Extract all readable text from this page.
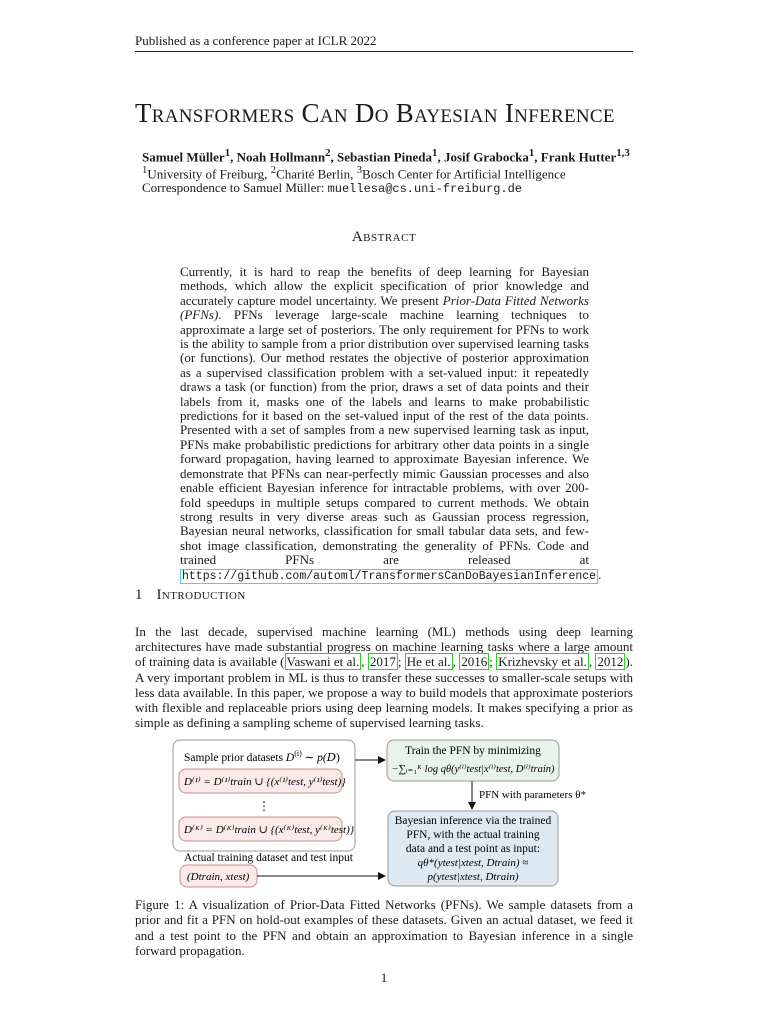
Published as a conference paper at ICLR 2022
Transformers Can Do Bayesian Inference
Samuel Müller$^1$, Noah Hollmann$^2$, Sebastian Pineda$^1$, Josif Grabocka$^1$, Frank Hutter$^{1,3}$
$^1$University of Freiburg, $^2$Charité Berlin, $^3$Bosch Center for Artificial Intelligence
Correspondence to Samuel Müller: muellesa@cs.uni-freiburg.de
Abstract
Currently, it is hard to reap the benefits of deep learning for Bayesian methods, which allow the explicit specification of prior knowledge and accurately capture model uncertainty. We present Prior-Data Fitted Networks (PFNs). PFNs leverage large-scale machine learning techniques to approximate a large set of posteriors. The only requirement for PFNs to work is the ability to sample from a prior distribution over supervised learning tasks (or functions). Our method restates the objective of posterior approximation as a supervised classification problem with a set-valued input: it repeatedly draws a task (or function) from the prior, draws a set of data points and their labels from it, masks one of the labels and learns to make probabilistic predictions for it based on the set-valued input of the rest of the data points. Presented with a set of samples from a new supervised learning task as input, PFNs make probabilistic predictions for arbitrary other data points in a single forward propagation, having learned to approximate Bayesian inference. We demonstrate that PFNs can near-perfectly mimic Gaussian processes and also enable efficient Bayesian inference for intractable problems, with over 200-fold speedups in multiple setups compared to current methods. We obtain strong results in very diverse areas such as Gaussian process regression, Bayesian neural networks, classification for small tabular data sets, and few-shot image classification, demonstrating the generality of PFNs. Code and trained PFNs are released at https://github.com/automl/TransformersCanDoBayesianInference .
1 Introduction
In the last decade, supervised machine learning (ML) methods using deep learning architectures have made substantial progress on machine learning tasks where a large amount of training data is available ( Vaswani et al. , 2017 ; He et al. , 2016 ; Krizhevsky et al. , 2012 ). A very important problem in ML is thus to transfer these successes to smaller-scale setups with less data available. In this paper, we propose a way to build models that approximate posteriors with flexible and replaceable priors using deep learning models. It makes specifying a prior as simple as defining a sampling scheme of supervised learning tasks.
Sample prior datasets $D^{(i)}$ ∼ p(D)
D⁽¹⁾ = D⁽¹⁾train ∪ {(x⁽¹⁾test, y⁽¹⁾test)}
⋮
D⁽ᴷ⁾ = D⁽ᴷ⁾train ∪ {(x⁽ᴷ⁾test, y⁽ᴷ⁾test)}
Actual training dataset and test input
(Dtrain, xtest)
Train the PFN by minimizing
−∑ᵢ₌₁ᴷ log qθ(y⁽ⁱ⁾test|x⁽ⁱ⁾test, D⁽ⁱ⁾train)
PFN with parameters θ*
Bayesian inference via the trained
PFN, with the actual training
data and a test point as input:
qθ*(ytest|xtest, Dtrain) ≈
p(ytest|xtest, Dtrain)
Figure 1: A visualization of Prior-Data Fitted Networks (PFNs). We sample datasets from a prior and fit a PFN on hold-out examples of these datasets. Given an actual dataset, we feed it and a test point to the PFN and obtain an approximation to Bayesian inference in a single forward propagation.
1
